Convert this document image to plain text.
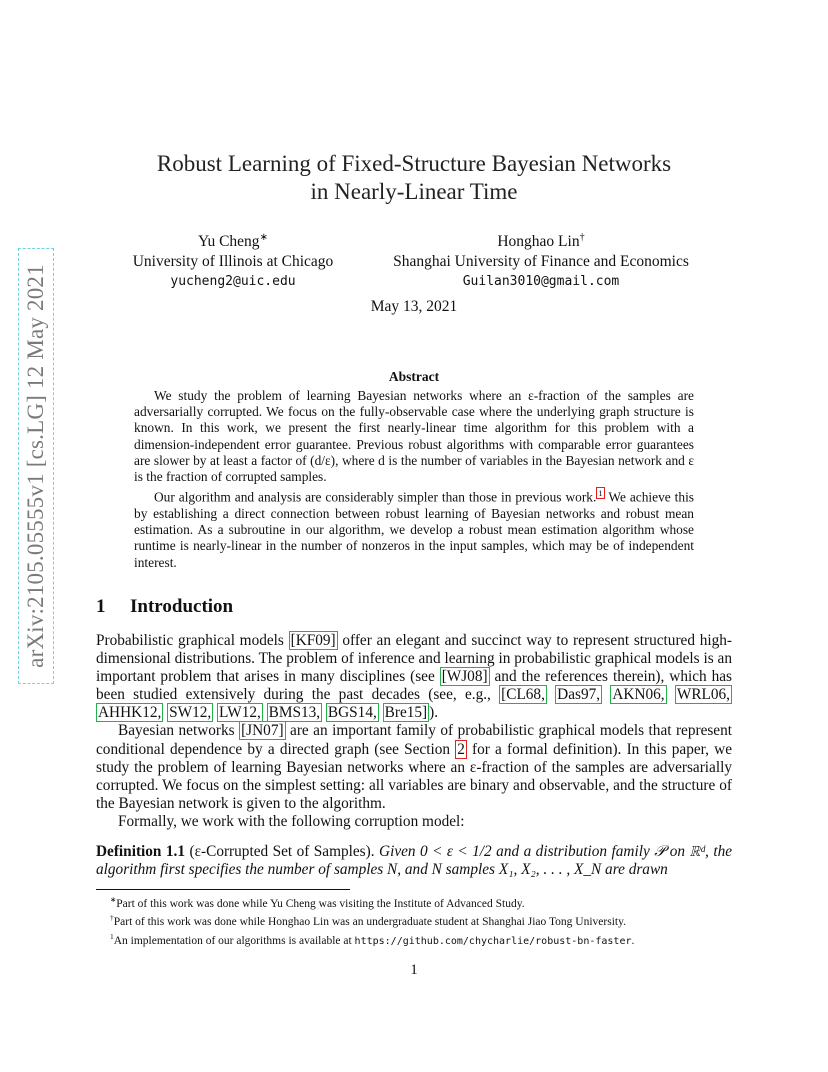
arXiv:2105.05555v1 [cs.LG] 12 May 2021
Robust Learning of Fixed-Structure Bayesian Networks
in Nearly-Linear Time
Yu Cheng∗
University of Illinois at Chicago
yucheng2@uic.edu
Honghao Lin†
Shanghai University of Finance and Economics
Guilan3010@gmail.com
May 13, 2021
Abstract

We study the problem of learning Bayesian networks where an ε-fraction of the samples are adversarially corrupted. We focus on the fully-observable case where the underlying graph structure is known. In this work, we present the first nearly-linear time algorithm for this problem with a dimension-independent error guarantee. Previous robust algorithms with comparable error guarantees are slower by at least a factor of (d/ε), where d is the number of variables in the Bayesian network and ε is the fraction of corrupted samples.

Our algorithm and analysis are considerably simpler than those in previous work. $^1$ We achieve this by establishing a direct connection between robust learning of Bayesian networks and robust mean estimation. As a subroutine in our algorithm, we develop a robust mean estimation algorithm whose runtime is nearly-linear in the number of nonzeros in the input samples, which may be of independent interest.

1 Introduction

Probabilistic graphical models [KF09] offer an elegant and succinct way to represent structured high-dimensional distributions. The problem of inference and learning in probabilistic graphical models is an important problem that arises in many disciplines (see [WJ08] and the references therein), which has been studied extensively during the past decades (see, e.g., [CL68, Das97, AKN06, WRL06, AHHK12, SW12, LW12, BMS13, BGS14, Bre15] ).

Bayesian networks [JN07] are an important family of probabilistic graphical models that represent conditional dependence by a directed graph (see Section 2 for a formal definition). In this paper, we study the problem of learning Bayesian networks where an ε-fraction of the samples are adversarially corrupted. We focus on the simplest setting: all variables are binary and observable, and the structure of the Bayesian network is given to the algorithm.

Formally, we work with the following corruption model:

Definition 1.1 (ε-Corrupted Set of Samples). Given 0 < ε < 1/2 and a distribution family 𝒫 on ℝᵈ, the algorithm first specifies the number of samples N, and N samples X₁, X₂, . . . , X_N are drawn

∗Part of this work was done while Yu Cheng was visiting the Institute of Advanced Study.
†Part of this work was done while Honghao Lin was an undergraduate student at Shanghai Jiao Tong University.
$^1$An implementation of our algorithms is available at https://github.com/chycharlie/robust-bn-faster.
1
